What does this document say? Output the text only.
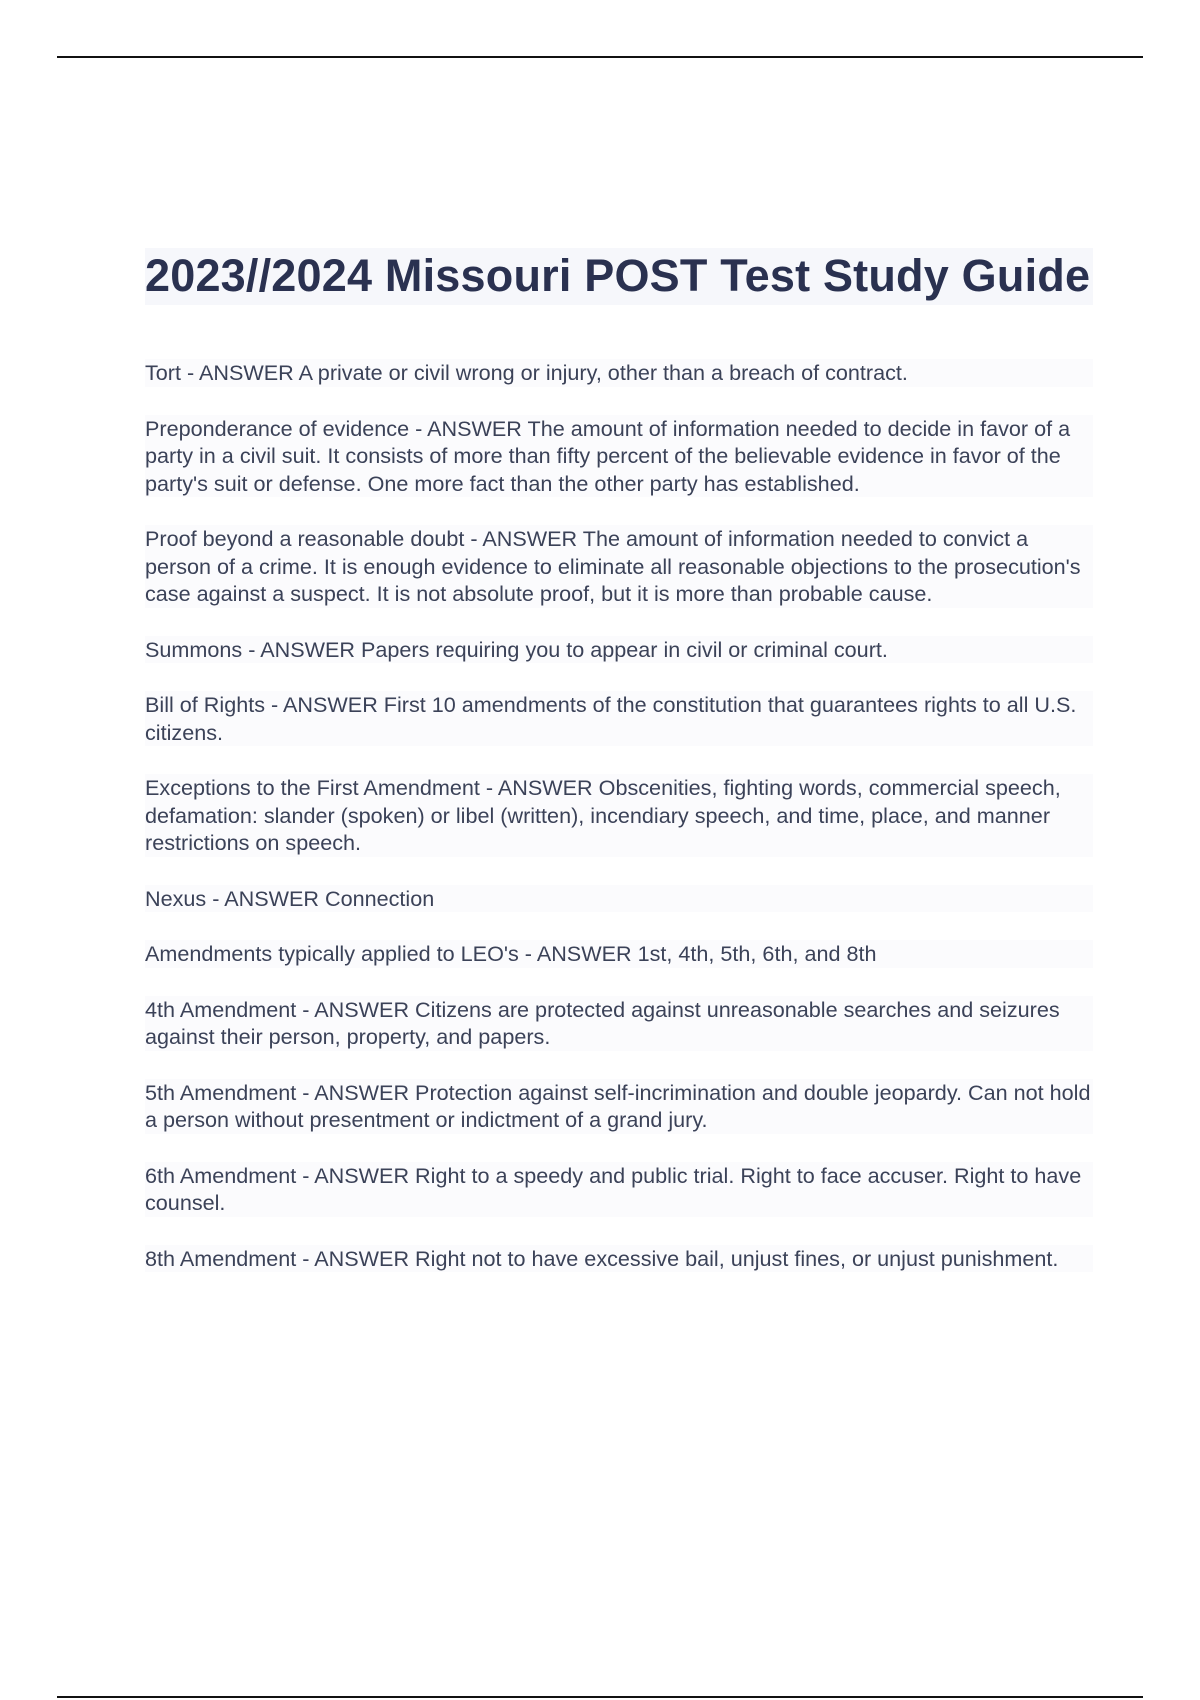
2023//2024 Missouri POST Test Study Guide

Tort - ANSWER A private or civil wrong or injury, other than a breach of contract.

Preponderance of evidence - ANSWER The amount of information needed to decide in favor of a party in a civil suit. It consists of more than fifty percent of the believable evidence in favor of the party's suit or defense. One more fact than the other party has established.

Proof beyond a reasonable doubt - ANSWER The amount of information needed to convict a person of a crime. It is enough evidence to eliminate all reasonable objections to the prosecution's case against a suspect. It is not absolute proof, but it is more than probable cause.

Summons - ANSWER Papers requiring you to appear in civil or criminal court.

Bill of Rights - ANSWER First 10 amendments of the constitution that guarantees rights to all U.S. citizens.

Exceptions to the First Amendment - ANSWER Obscenities, fighting words, commercial speech, defamation: slander (spoken) or libel (written), incendiary speech, and time, place, and manner restrictions on speech.

Nexus - ANSWER Connection

Amendments typically applied to LEO's - ANSWER 1st, 4th, 5th, 6th, and 8th

4th Amendment - ANSWER Citizens are protected against unreasonable searches and seizures against their person, property, and papers.

5th Amendment - ANSWER Protection against self-incrimination and double jeopardy. Can not hold a person without presentment or indictment of a grand jury.

6th Amendment - ANSWER Right to a speedy and public trial. Right to face accuser. Right to have counsel.

8th Amendment - ANSWER Right not to have excessive bail, unjust fines, or unjust punishment.
